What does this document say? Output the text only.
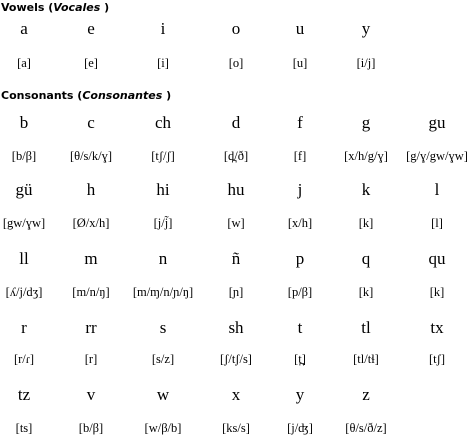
Vowels (Vocales )
Consonants (Consonantes )
a
[a]
e
[e]
i
[i]
o
[o]
u
[u]
y
[i/j]
b
[b/β]
c
[θ/s/k/ɣ]
ch
[tʃ/ʃ]
d
[d̪/ð]
f
[f]
g
[x/h/g/ɣ]
gu
[g/ɣ/gw/ɣw]
gü
[gw/ɣw]
h
[Ø/x/h]
hi
[j/j̃]
hu
[w]
j
[x/h]
k
[k]
l
[l]
ll
[ʎ/j/dʒ]
m
[m/n/ŋ]
n
[m/ɱ/n/ɲ/ŋ]
ñ
[ɲ]
p
[p/β]
q
[k]
qu
[k]
r
[r/ɾ]
rr
[r]
s
[s/z]
sh
[ʃ/tʃ/s]
t
[t̪]
tl
[tl/tɬ]
tx
[tʃ]
tz
[ts]
v
[b/β]
w
[w/β/b]
x
[ks/s]
y
[j/ʤ]
z
[θ/s/ð/z]
